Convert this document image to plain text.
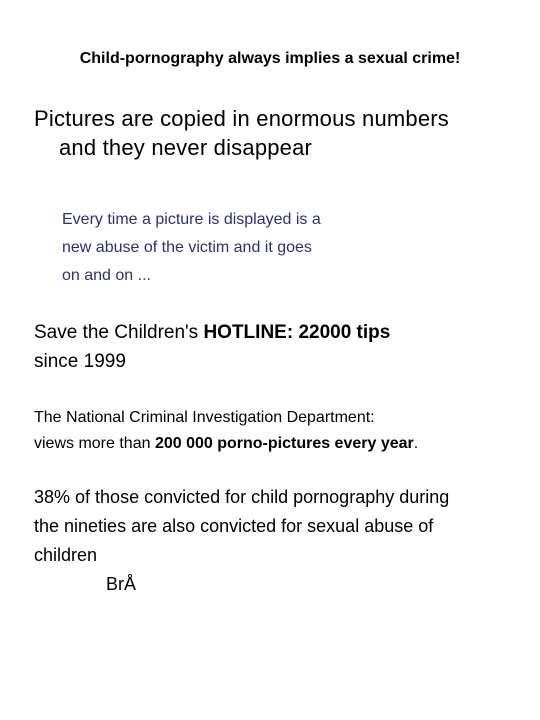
Child-pornography always implies a sexual crime!
Pictures are copied in enormous numbers
and they never disappear
Every time a picture is displayed is a
new abuse of the victim and it goes
on and on ...
Save the Children's HOTLINE: 22000 tips
since 1999
The National Criminal Investigation Department:
views more than 200 000 porno-pictures every year.
38% of those convicted for child pornography during
the nineties are also convicted for sexual abuse of
children
BrÅ
